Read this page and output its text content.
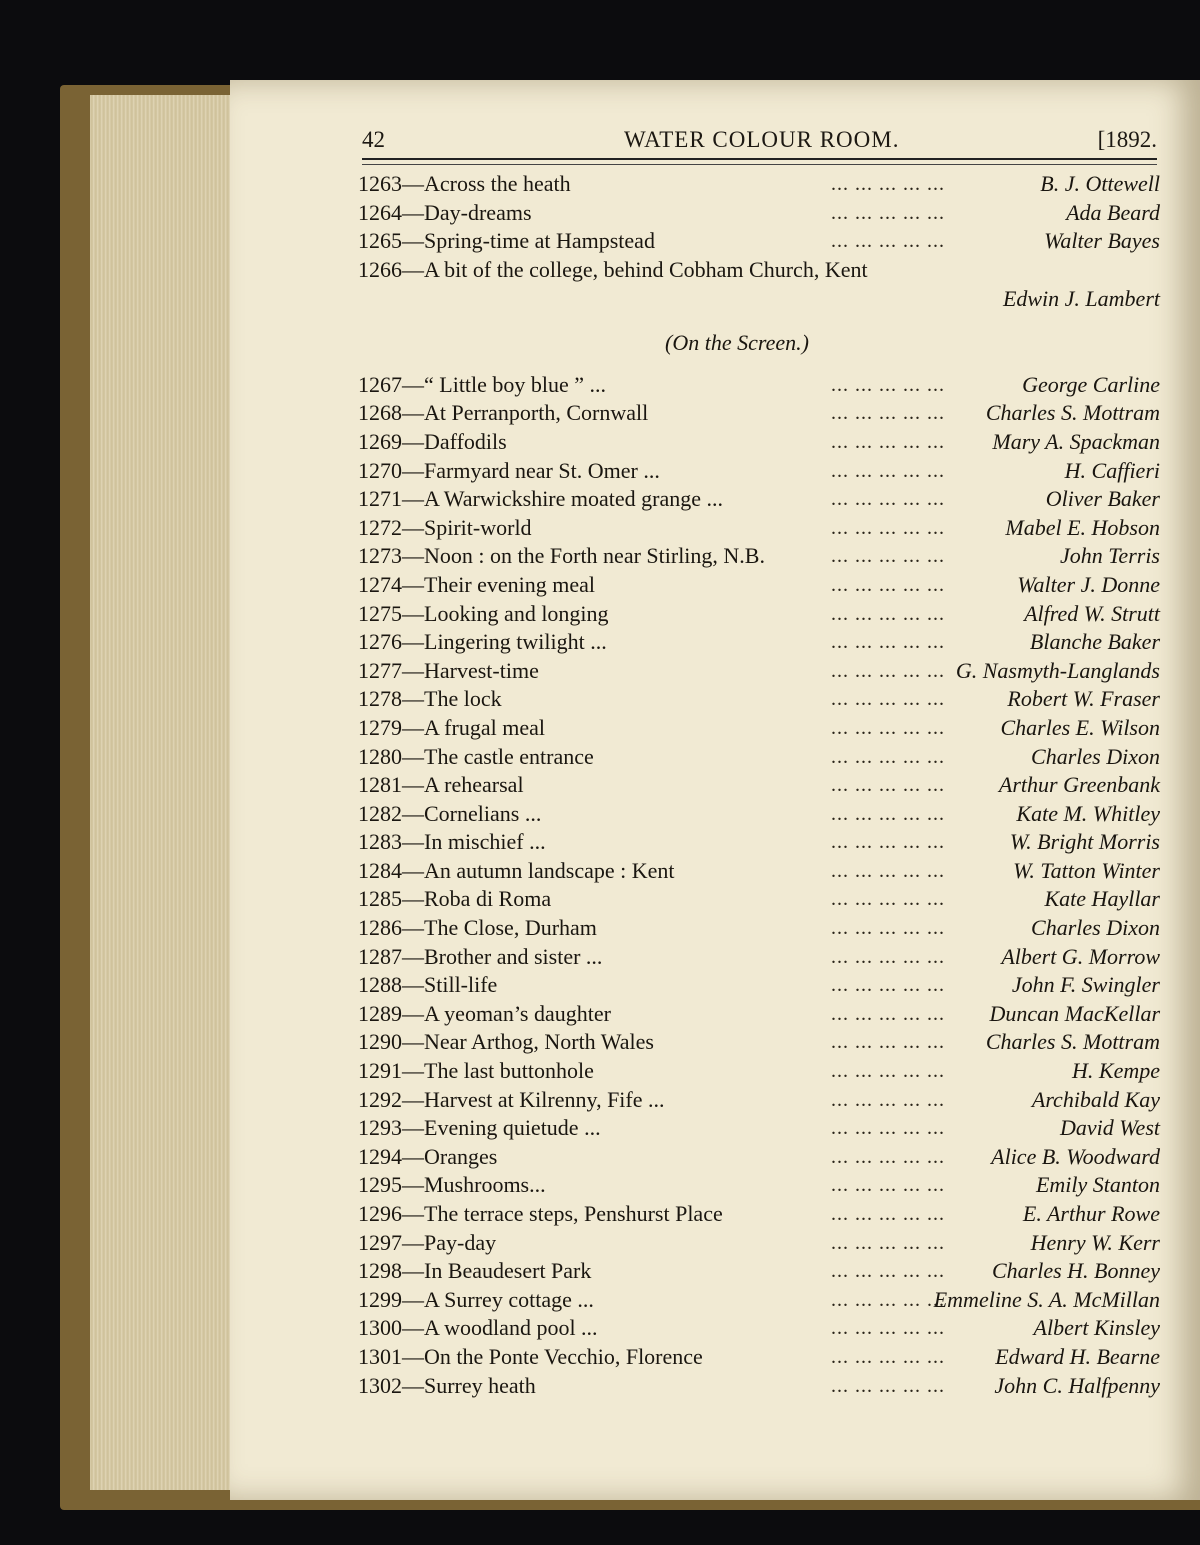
42	WATER COLOUR ROOM.	[1892.
... ... ... ... ...
1263—Across the heath	B. J. Ottewell
... ... ... ... ...
1264—Day-dreams	Ada Beard
... ... ... ... ...
1265—Spring-time at Hampstead	Walter Bayes
1266—A bit of the college, behind Cobham Church, Kent
Edwin J. Lambert
(On the Screen.)
... ... ... ... ...
1267—“ Little boy blue ” ...	George Carline
... ... ... ... ...
1268—At Perranporth, Cornwall	Charles S. Mottram
... ... ... ... ...
1269—Daffodils	Mary A. Spackman
... ... ... ... ...
1270—Farmyard near St. Omer ...	H. Caffieri
... ... ... ... ...
1271—A Warwickshire moated grange ...	Oliver Baker
... ... ... ... ...
1272—Spirit-world	Mabel E. Hobson
... ... ... ... ...
1273—Noon : on the Forth near Stirling, N.B.	John Terris
... ... ... ... ...
1274—Their evening meal	Walter J. Donne
... ... ... ... ...
1275—Looking and longing	Alfred W. Strutt
... ... ... ... ...
1276—Lingering twilight ...	Blanche Baker
... ... ... ... ...
1277—Harvest-time	G. Nasmyth-Langlands
... ... ... ... ...
1278—The lock	Robert W. Fraser
... ... ... ... ...
1279—A frugal meal	Charles E. Wilson
... ... ... ... ...
1280—The castle entrance	Charles Dixon
... ... ... ... ...
1281—A rehearsal	Arthur Greenbank
... ... ... ... ...
1282—Cornelians ...	Kate M. Whitley
... ... ... ... ...
1283—In mischief ...	W. Bright Morris
... ... ... ... ...
1284—An autumn landscape : Kent	W. Tatton Winter
... ... ... ... ...
1285—Roba di Roma	Kate Hayllar
... ... ... ... ...
1286—The Close, Durham	Charles Dixon
... ... ... ... ...
1287—Brother and sister ...	Albert G. Morrow
... ... ... ... ...
1288—Still-life	John F. Swingler
... ... ... ... ...
1289—A yeoman’s daughter	Duncan MacKellar
... ... ... ... ...
1290—Near Arthog, North Wales	Charles S. Mottram
... ... ... ... ...
1291—The last buttonhole	H. Kempe
... ... ... ... ...
1292—Harvest at Kilrenny, Fife ...	Archibald Kay
... ... ... ... ...
1293—Evening quietude ...	David West
... ... ... ... ...
1294—Oranges	Alice B. Woodward
... ... ... ... ...
1295—Mushrooms...	Emily Stanton
... ... ... ... ...
1296—The terrace steps, Penshurst Place	E. Arthur Rowe
... ... ... ... ...
1297—Pay-day	Henry W. Kerr
... ... ... ... ...
1298—In Beaudesert Park	Charles H. Bonney
... ... ... ... ...
1299—A Surrey cottage ...	Emmeline S. A. McMillan
... ... ... ... ...
1300—A woodland pool ...	Albert Kinsley
... ... ... ... ...
1301—On the Ponte Vecchio, Florence	Edward H. Bearne
... ... ... ... ...
1302—Surrey heath	John C. Halfpenny
